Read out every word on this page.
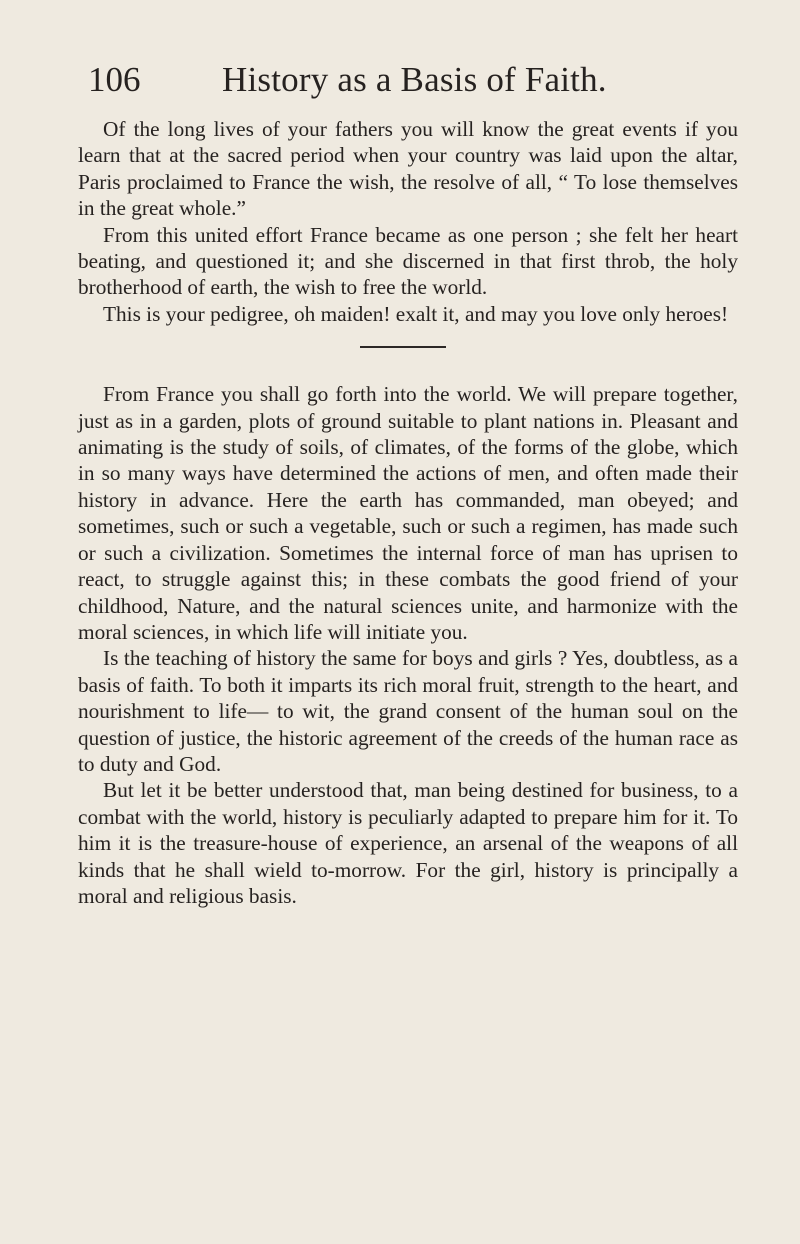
106 History as a Basis of Faith.

Of the long lives of your fathers you will know the great events if you learn that at the sacred period when your country was laid upon the altar, Paris proclaimed to France the wish, the resolve of all, “ To lose themselves in the great whole.”

From this united effort France became as one person ; she felt her heart beating, and questioned it; and she discerned in that first throb, the holy brotherhood of earth, the wish to free the world.

This is your pedigree, oh maiden! exalt it, and may you love only heroes!

From France you shall go forth into the world. We will prepare together, just as in a garden, plots of ground suitable to plant nations in. Pleasant and animating is the study of soils, of climates, of the forms of the globe, which in so many ways have determined the actions of men, and often made their history in advance. Here the earth has commanded, man obeyed; and sometimes, such or such a vegetable, such or such a regimen, has made such or such a civilization. Sometimes the internal force of man has uprisen to react, to struggle against this; in these combats the good friend of your childhood, Nature, and the natural sciences unite, and harmonize with the moral sciences, in which life will initiate you.

Is the teaching of history the same for boys and girls ? Yes, doubtless, as a basis of faith. To both it imparts its rich moral fruit, strength to the heart, and nourishment to life— to wit, the grand consent of the human soul on the question of justice, the historic agreement of the creeds of the human race as to duty and God.

But let it be better understood that, man being destined for business, to a combat with the world, history is peculiarly adapted to prepare him for it. To him it is the treasure-house of experience, an arsenal of the weapons of all kinds that he shall wield to-morrow. For the girl, history is principally a moral and religious basis.
